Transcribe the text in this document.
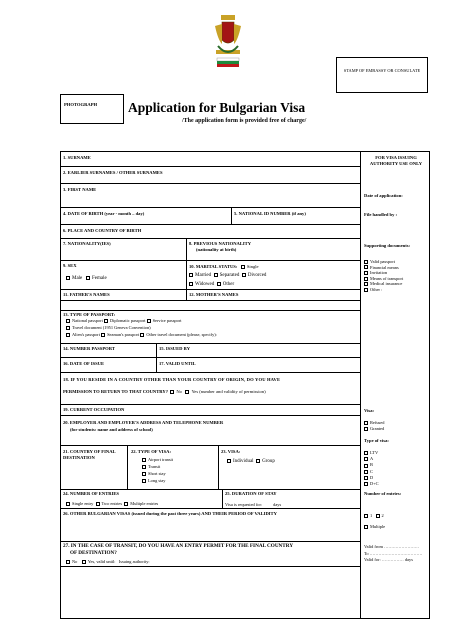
STAMP OF EMBASSY OR CONSULATE
PHOTOGRAPH Application for Bulgarian Visa
/The application form is provided free of charge/
1. SURNAME
2. EARLIER SURNAMES / OTHER SURNAMES
3. FIRST NAME
4. DATE OF BIRTH (year - month – day)	5. NATIONAL ID NUMBER (if any)
6. PLACE AND COUNTRY OF BIRTH
7. NATIONALITY(IES)	8. PREVIOUS NATIONALITY
(nationality at birth)
9. SEX
Male Female
10. MARITAL STATUS: Single
Married Separated Divorced
Widowed Other
11. FATHER'S NAMES	12. MOTHER'S NAMES
13. TYPE OF PASSPORT:
National passport Diplomatic passport Service passport
Travel document (1951 Geneva Convention)
Alien's passport Seaman's passport Other travel document (please, specify):
14. NUMBER PASSPORT	15. ISSUED BY
16. DATE OF ISSUE	17. VALID UNTIL
18. IF YOU RESIDE IN A COUNTRY OTHER THAN YOUR COUNTRY OF ORIGIN, DO YOU HAVE
PERMISSION TO RETURN TO THAT COUNTRY? No Yes (number and validity of permission)
19. CURRENT OCCUPATION
20. EMPLOYER AND EMPLOYER'S ADDRESS AND TELEPHONE NUMBER
(for students: name and address of school)
21. COUNTRY OF FINAL
DESTINATION
22. TYPE OF VISA:
Airport transit
Transit
Short stay
Long stay
23. VISA:
Individual Group
24. NUMBER OF ENTRIES
Single entry Two entries Multiple entries
25. DURATION OF STAY
Visa is requested for: days
26. OTHER BULGARIAN VISAS (issued during the past three years) AND THEIR PERIOD OF VALIDITY
27. IN THE CASE OF TRANSIT, DO YOU HAVE AN ENTRY PERMIT FOR THE FINAL COUNTRY
OF DESTINATION?
No Yes, valid until: Issuing authority:
FOR VISA ISSUING
AUTHORITY USE ONLY
Date of application:
File handled by :
Supporting documents:
Valid passport
Financial means
Invitation
Means of transport
Medical insurance
Other :
Visa:
Refused
Granted
Type of visa:
LTV
A
B
C
D
D+C
Number of entries:
1 2
Multiple
Valid from ……………………
To ………………………………
Valid for: …………… days
